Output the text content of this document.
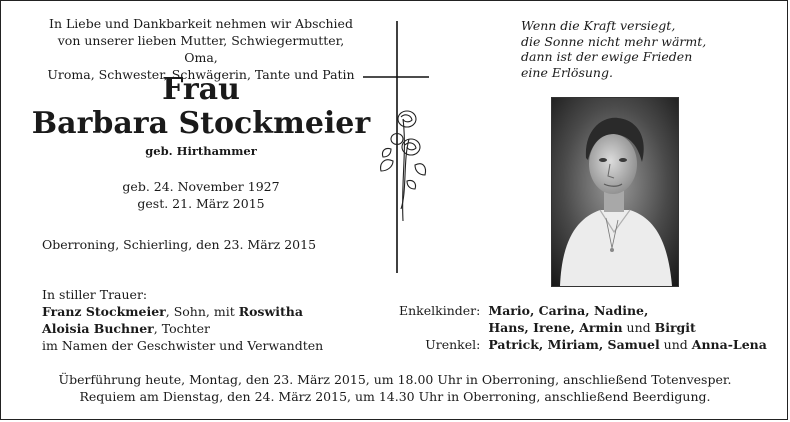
In Liebe und Dankbarkeit nehmen wir Abschied
von unserer lieben Mutter, Schwiegermutter, Oma,
Uroma, Schwester, Schwägerin, Tante und Patin
Frau
Barbara Stockmeier
geb. Hirthammer
geb. 24. November 1927
gest. 21. März 2015
Oberroning, Schierling, den 23. März 2015
In stiller Trauer:
Franz Stockmeier, Sohn, mit Roswitha
Aloisia Buchner, Tochter
im Namen der Geschwister und Verwandten
Wenn die Kraft versiegt,
die Sonne nicht mehr wärmt,
dann ist der ewige Frieden
eine Erlösung.
Enkelkinder:	Mario, Carina, Nadine,
	Hans, Irene, Armin und Birgit
Urenkel:	Patrick, Miriam, Samuel und Anna-Lena
Überführung heute, Montag, den 23. März 2015, um 18.00 Uhr in Oberroning, anschließend Totenvesper.
Requiem am Dienstag, den 24. März 2015, um 14.30 Uhr in Oberroning, anschließend Beerdigung.
